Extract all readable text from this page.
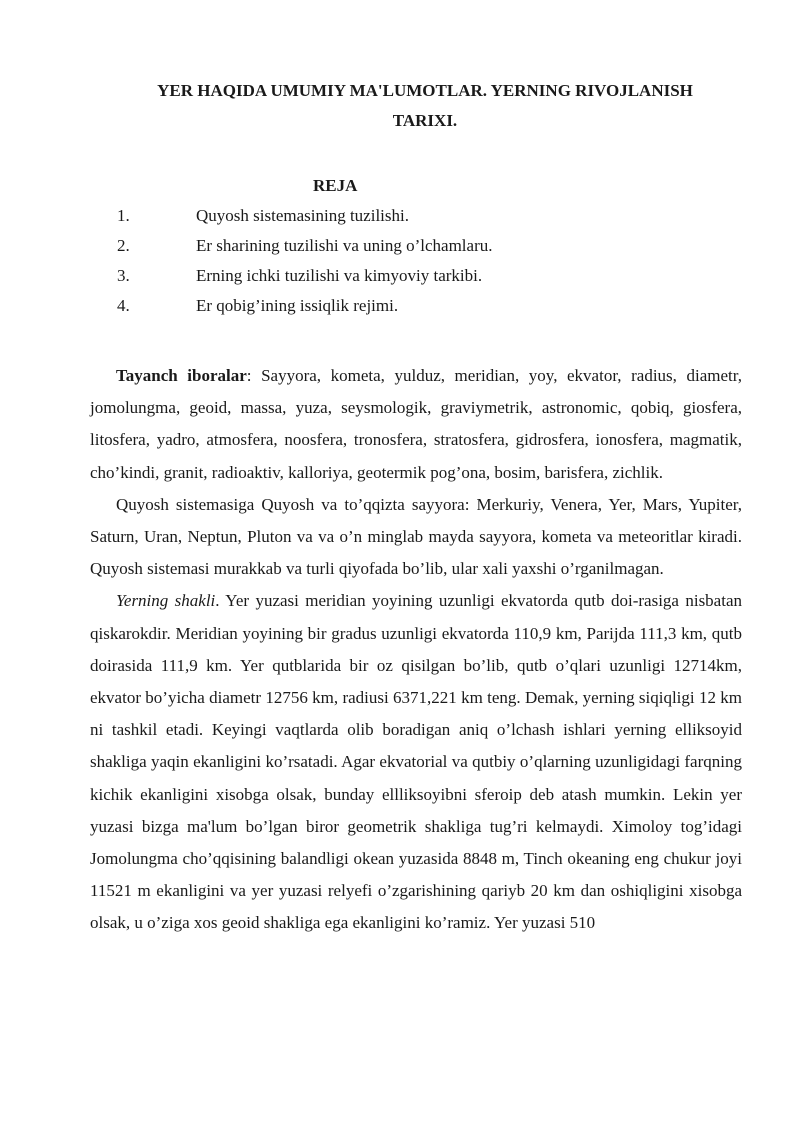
YER HAQIDA UMUMIY MA'LUMOTLAR. YERNING RIVOJLANISH
TARIXI.
REJA
1.	Quyosh sistemasining tuzilishi.
2.	Er sharining tuzilishi va uning o’lchamlaru.
3.	Erning ichki tuzilishi va kimyoviy tarkibi.
4.	Er qobig’ining issiqlik rejimi.

Tayanch iboralar: Sayyora, kometa, yulduz, meridian, yoy, ekvator, radius, diametr, jomolungma, geoid, massa, yuza, seysmologik, graviymetrik, astronomic, qobiq, giosfera, litosfera, yadro, atmosfera, noosfera, tronosfera, stratosfera, gidrosfera, ionosfera, magmatik, cho’kindi, granit, radioaktiv, kalloriya, geotermik pog’ona, bosim, barisfera, zichlik.

Quyosh sistemasiga Quyosh va to’qqizta sayyora: Merkuriy, Venera, Yer, Mars, Yupiter, Saturn, Uran, Neptun, Pluton va va o’n minglab mayda sayyora, kometa va meteoritlar kiradi. Quyosh sistemasi murakkab va turli qiyofada bo’lib, ular xali yaxshi o’rganilmagan.

Yerning shakli. Yer yuzasi meridian yoyining uzunligi ekvatorda qutb doi-rasiga nisbatan qiskarokdir. Meridian yoyining bir gradus uzunligi ekvatorda 110,9 km, Parijda 111,3 km, qutb doirasida 111,9 km. Yer qutblarida bir oz qisilgan bo’lib, qutb o’qlari uzunligi 12714km, ekvator bo’yicha diametr 12756 km, radiusi 6371,221 km teng. Demak, yerning siqiqligi 12 km ni tashkil etadi. Keyingi vaqtlarda olib boradigan aniq o’lchash ishlari yerning elliksoyid shakliga yaqin ekanligini ko’rsatadi. Agar ekvatorial va qutbiy o’qlarning uzunligidagi farqning kichik ekanligini xisobga olsak, bunday ellliksoyibni sferoip deb atash mumkin. Lekin yer yuzasi bizga ma'lum bo’lgan biror geometrik shakliga tug’ri kelmaydi. Ximoloy tog’idagi Jomolungma cho’qqisining balandligi okean yuzasida 8848 m, Tinch okeaning eng chukur joyi 11521 m ekanligini va yer yuzasi relyefi o’zgarishining qariyb 20 km dan oshiqligini xisobga olsak, u o’ziga xos geoid shakliga ega ekanligini ko’ramiz. Yer yuzasi 510
